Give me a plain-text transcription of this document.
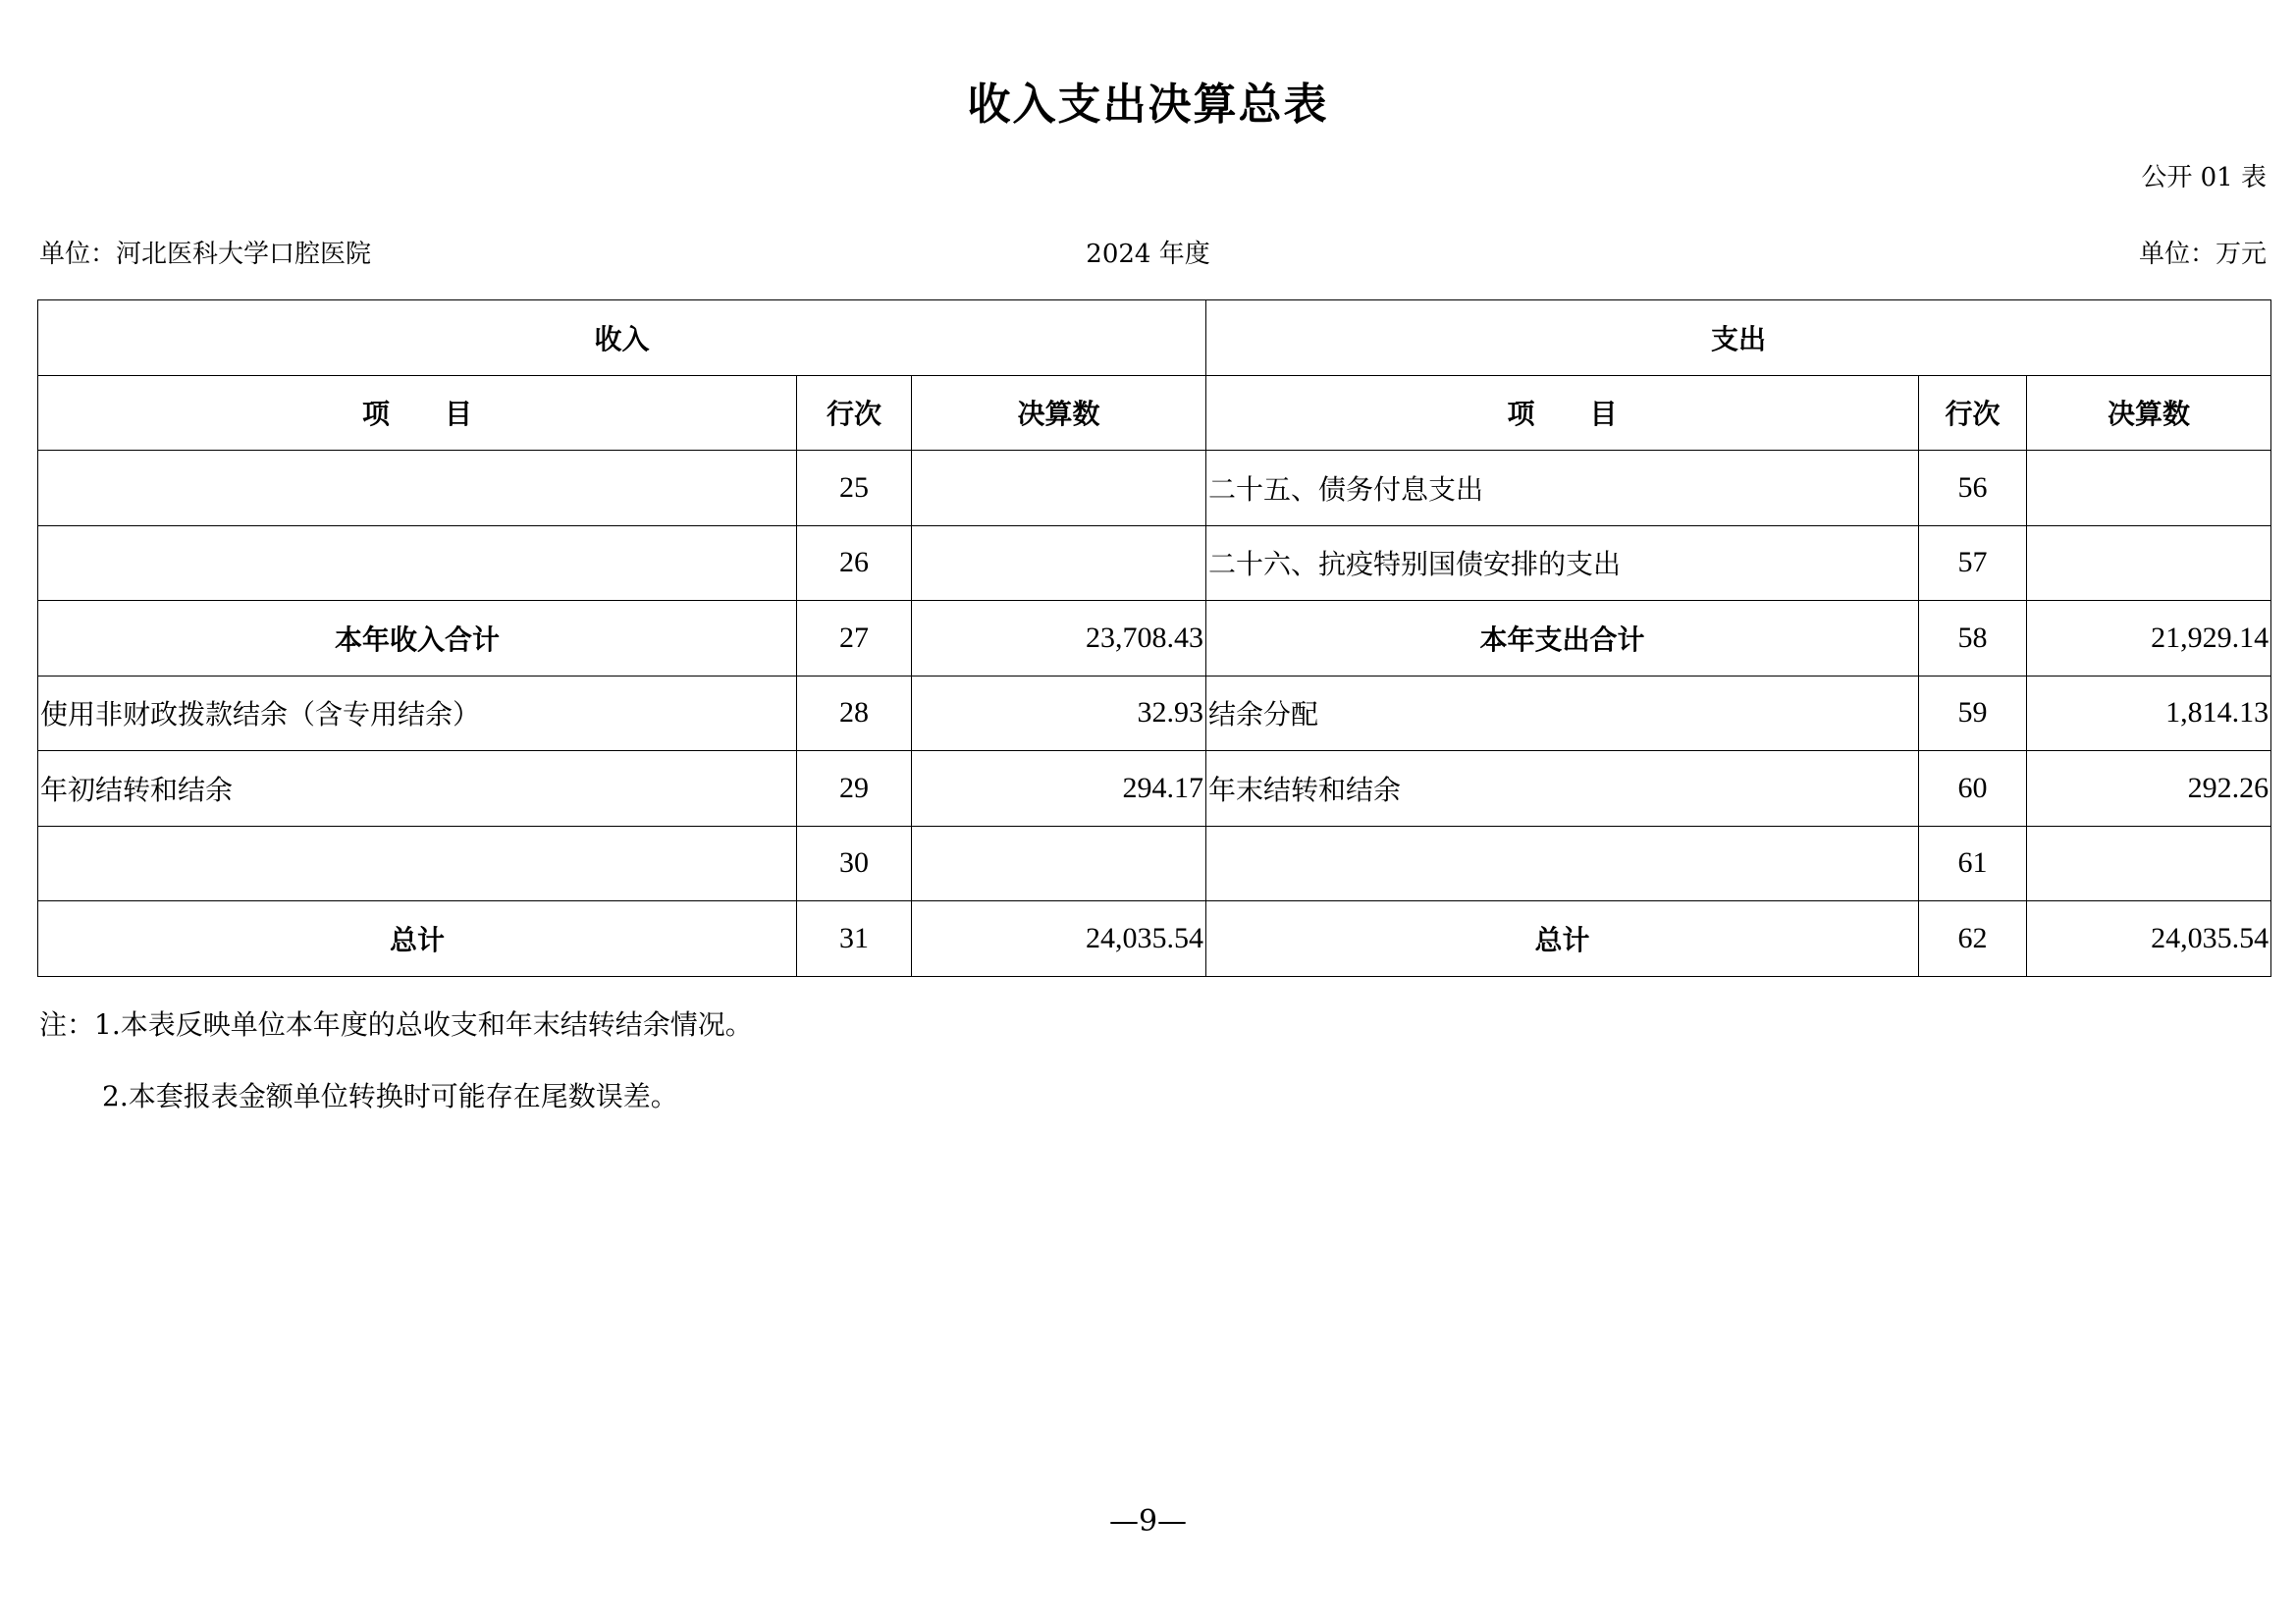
收入支出决算总表
公开 01 表
单位：河北医科大学口腔医院	2024 年度	单位：万元
收入			支出		
项　　目	行次	决算数	项　　目	行次	决算数
	25		二十五、债务付息支出	56	
	26		二十六、抗疫特别国债安排的支出	57	
本年收入合计	27	23,708.43	本年支出合计	58	21,929.14
使用非财政拨款结余（含专用结余）	28	32.93	结余分配	59	1,814.13
年初结转和结余	29	294.17	年末结转和结余	60	292.26
	30			61	
总计	31	24,035.54	总计	62	24,035.54
注：1.本表反映单位本年度的总收支和年末结转结余情况。
2.本套报表金额单位转换时可能存在尾数误差。
—9—
